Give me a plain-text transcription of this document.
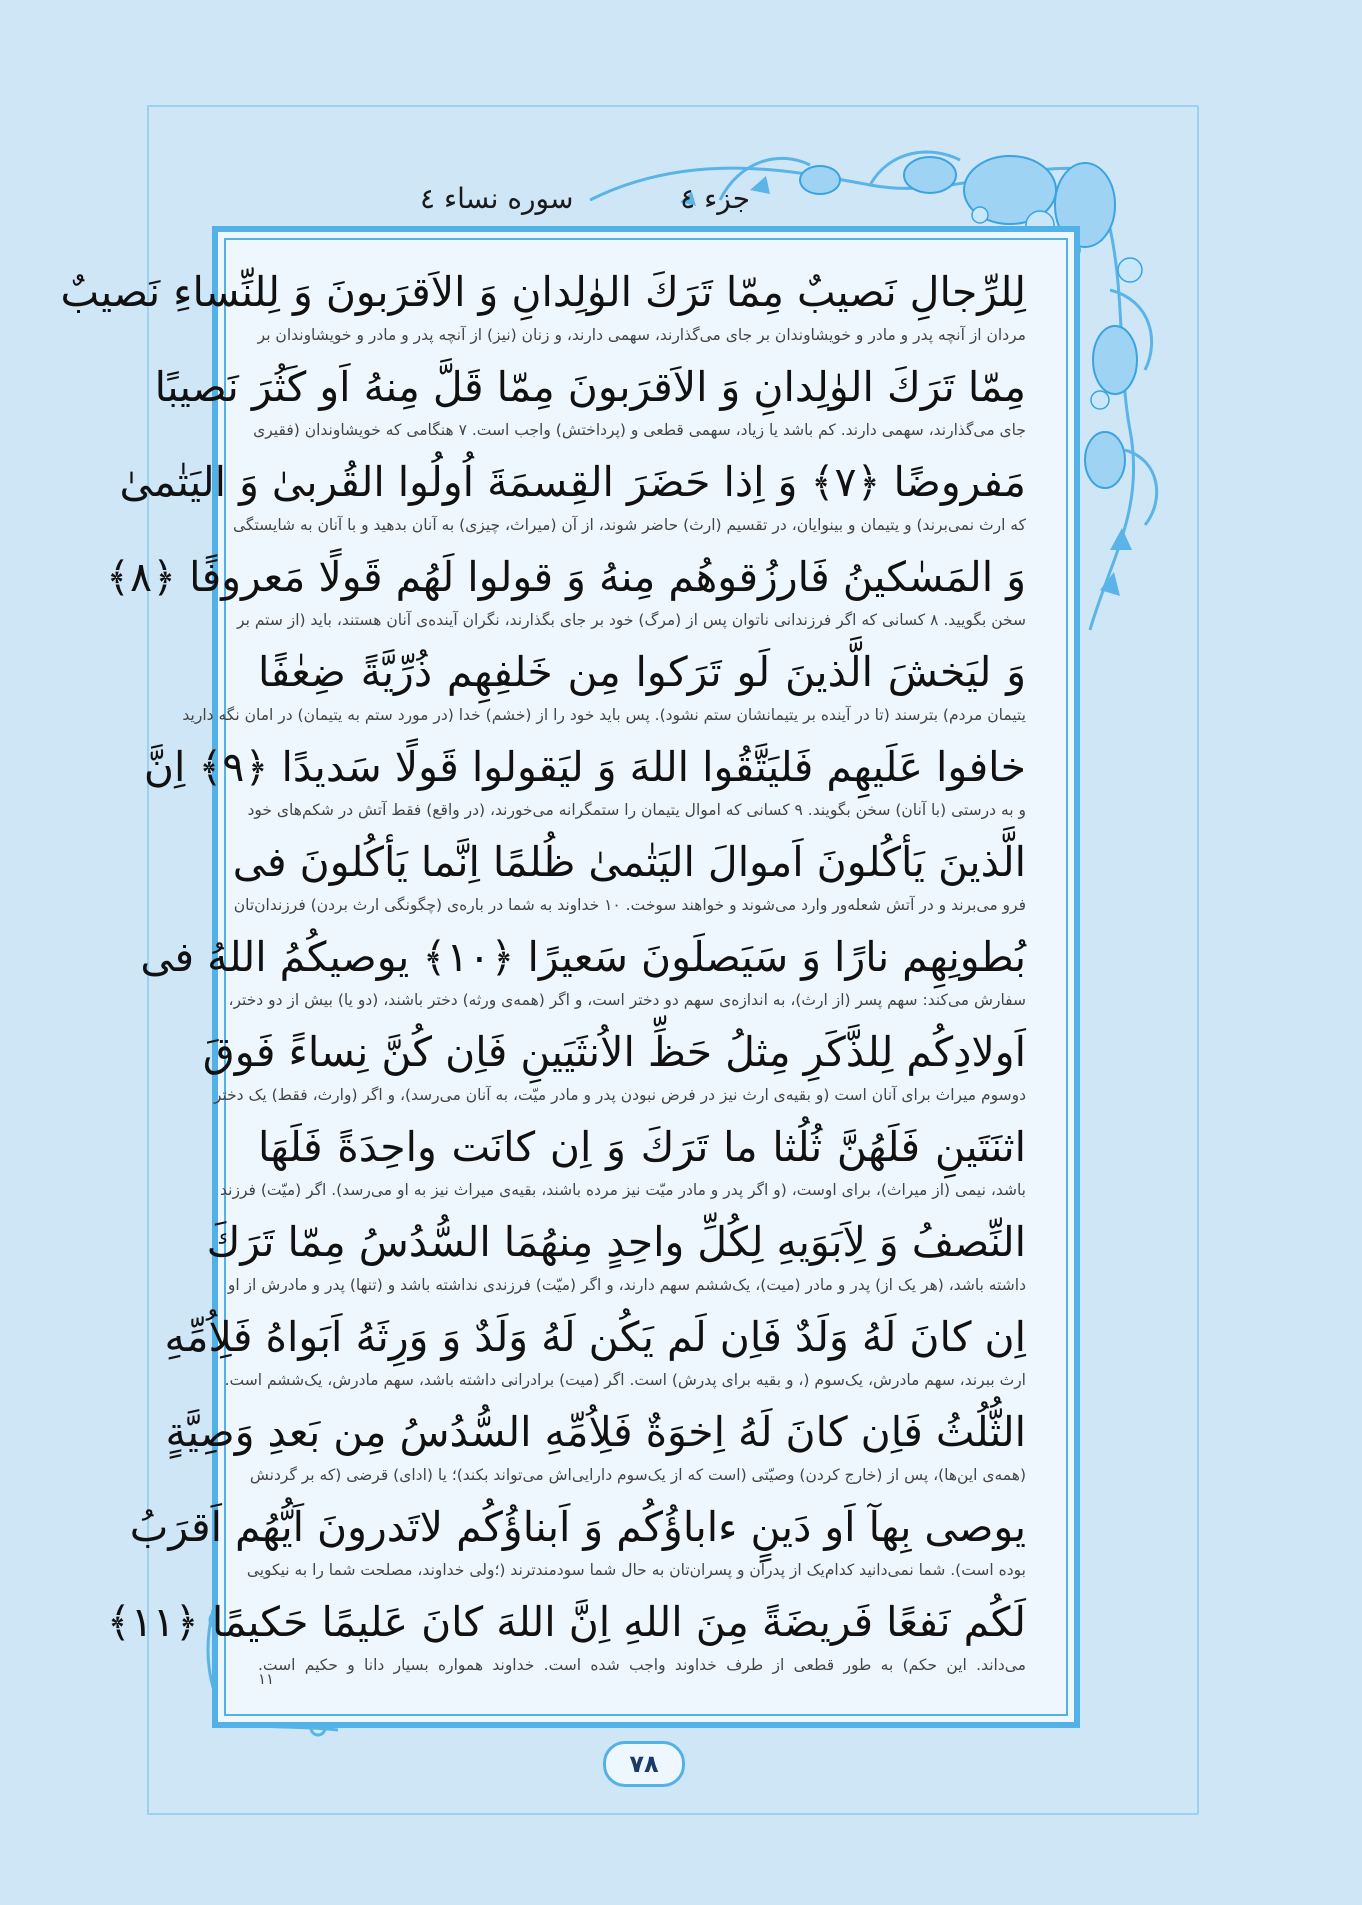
جزء ٤
سوره نساء ٤
لِلرِّجالِ نَصيبٌ مِمّا تَرَكَ الوٰلِدانِ وَ الاَقرَبونَ وَ لِلنِّساءِ نَصيبٌ
مردان از آنچه پدر و مادر و خویشاوندان بر جای می‌گذارند، سهمی دارند، و زنان (نیز) از آنچه پدر و مادر و خویشاوندان بر
مِمّا تَرَكَ الوٰلِدانِ وَ الاَقرَبونَ مِمّا قَلَّ مِنهُ اَو كَثُرَ نَصيبًا
جای می‌گذارند، سهمی دارند. کم باشد یا زیاد، سهمی قطعی و (پرداختش) واجب است. ۷ هنگامی که خویشاوندان (فقیری
مَفروضًا ﴿٧﴾ وَ اِذا حَضَرَ القِسمَةَ اُولُوا القُربىٰ وَ اليَتٰمىٰ
که ارث نمی‌برند) و یتیمان و بینوایان، در تقسیم (ارث) حاضر شوند، از آن (میراث، چیزی) به آنان بدهید و با آنان به شایستگی
وَ المَسٰكينُ فَارزُقوهُم مِنهُ وَ قولوا لَهُم قَولًا مَعروفًا ﴿٨﴾
سخن بگویید. ۸ کسانی که اگر فرزندانی ناتوان پس از (مرگ) خود بر جای بگذارند، نگران آینده‌ی آنان هستند، باید (از ستم بر
وَ ليَخشَ الَّذينَ لَو تَرَكوا مِن خَلفِهِم ذُرِّيَّةً ضِعٰفًا
یتیمان مردم) بترسند (تا در آینده بر یتیمانشان ستم نشود). پس باید خود را از (خشم) خدا (در مورد ستم به یتیمان) در امان نگه دارید
خافوا عَلَيهِم فَليَتَّقُوا اللهَ وَ ليَقولوا قَولًا سَديدًا ﴿٩﴾ اِنَّ
و به درستی (با آنان) سخن بگویند. ۹ کسانی که اموال یتیمان را ستمگرانه می‌خورند، (در واقع) فقط آتش در شکم‌های خود
الَّذينَ يَأكُلونَ اَموالَ اليَتٰمىٰ ظُلمًا اِنَّما يَأكُلونَ فى
فرو می‌برند و در آتش شعله‌ور وارد می‌شوند و خواهند سوخت. ۱۰ خداوند به شما در باره‌ی (چگونگی ارث بردن) فرزندان‌تان
بُطونِهِم نارًا وَ سَيَصلَونَ سَعيرًا ﴿١٠﴾ يوصيكُمُ اللهُ فى
سفارش می‌کند: سهم پسر (از ارث)، به اندازه‌ی سهم دو دختر است، و اگر (همه‌ی ورثه) دختر باشند، (دو یا) بیش از دو دختر،
اَولادِكُم لِلذَّكَرِ مِثلُ حَظِّ الاُنثَيَينِ فَاِن كُنَّ نِساءً فَوقَ
دوسوم میراث برای آنان است (و بقیه‌ی ارث نیز در فرض نبودن پدر و مادر میّت، به آنان می‌رسد)، و اگر (وارث، فقط) یک دختر
اثنَتَينِ فَلَهُنَّ ثُلُثا ما تَرَكَ وَ اِن كانَت واحِدَةً فَلَهَا
باشد، نیمی (از میراث)، برای اوست، (و اگر پدر و مادر میّت نیز مرده باشند، بقیه‌ی میراث نیز به او می‌رسد). اگر (میّت) فرزند
النِّصفُ وَ لِاَبَوَيهِ لِكُلِّ واحِدٍ مِنهُمَا السُّدُسُ مِمّا تَرَكَ
داشته باشد، (هر یک از) پدر و مادر (میت)، یک‌ششم سهم دارند، و اگر (میّت) فرزندی نداشته باشد و (تنها) پدر و مادرش از او
اِن كانَ لَهُ وَلَدٌ فَاِن لَم يَكُن لَهُ وَلَدٌ وَ وَرِثَهُ اَبَواهُ فَلِاُمِّهِ
ارث ببرند، سهم مادرش، یک‌سوم (، و بقیه برای پدرش) است. اگر (میت) برادرانی داشته باشد، سهم مادرش، یک‌ششم است.
الثُّلُثُ فَاِن كانَ لَهُ اِخوَةٌ فَلِاُمِّهِ السُّدُسُ مِن بَعدِ وَصِيَّةٍ
(همه‌ی این‌ها)، پس از (خارج کردن) وصیّتی (است که از یک‌سوم دارایی‌اش می‌تواند بکند)؛ یا (ادای) قرضی (که بر گردنش
يوصى بِهآ اَو دَينٍ ءاباؤُكُم وَ اَبناؤُكُم لاتَدرونَ اَيُّهُم اَقرَبُ
بوده است). شما نمی‌دانید کدام‌یک از پدران و پسران‌تان به حال شما سودمندترند (؛ولی خداوند، مصلحت شما را به نیکویی
لَكُم نَفعًا فَريضَةً مِنَ اللهِ اِنَّ اللهَ كانَ عَليمًا حَكيمًا ﴿١١﴾
می‌داند. این حکم) به طور قطعی از طرف خداوند واجب شده است. خداوند همواره بسیار دانا و حکیم است.
۱۱
۷۸
